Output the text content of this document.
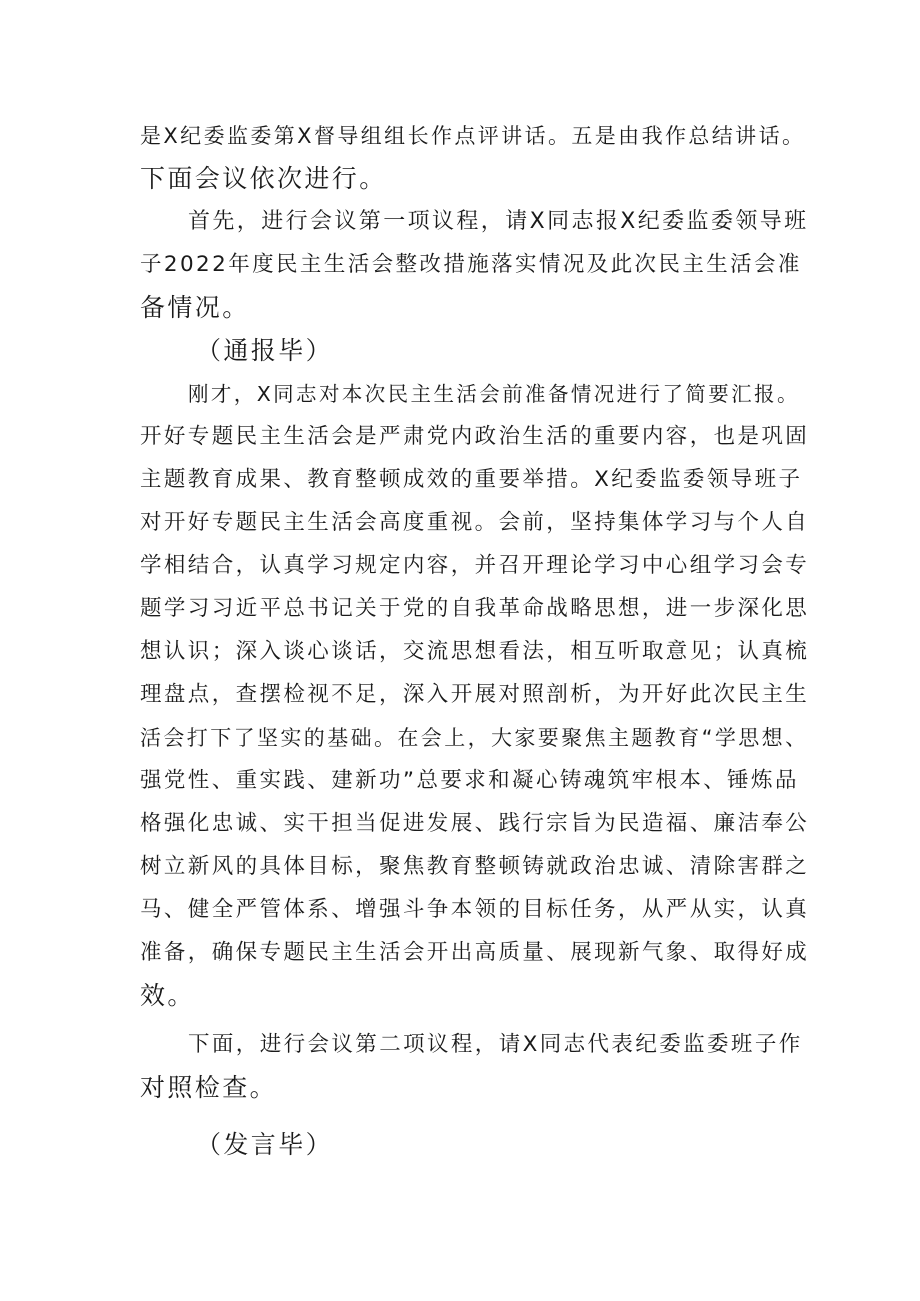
是X纪委监委第X督导组组长作点评讲话。五是由我作总结讲话。
下面会议依次进行。
首先，进行会议第一项议程，请X同志报X纪委监委领导班
子2022年度民主生活会整改措施落实情况及此次民主生活会准
备情况。
（通报毕）
刚才，X同志对本次民主生活会前准备情况进行了简要汇报。
开好专题民主生活会是严肃党内政治生活的重要内容，也是巩固
主题教育成果、教育整顿成效的重要举措。X纪委监委领导班子
对开好专题民主生活会高度重视。会前，坚持集体学习与个人自
学相结合，认真学习规定内容，并召开理论学习中心组学习会专
题学习习近平总书记关于党的自我革命战略思想，进一步深化思
想认识；深入谈心谈话，交流思想看法，相互听取意见；认真梳
理盘点，查摆检视不足，深入开展对照剖析，为开好此次民主生
活会打下了坚实的基础。在会上，大家要聚焦主题教育“学思想、
强党性、重实践、建新功”总要求和凝心铸魂筑牢根本、锤炼品
格强化忠诚、实干担当促进发展、践行宗旨为民造福、廉洁奉公
树立新风的具体目标，聚焦教育整顿铸就政治忠诚、清除害群之
马、健全严管体系、增强斗争本领的目标任务，从严从实，认真
准备，确保专题民主生活会开出高质量、展现新气象、取得好成
效。
下面，进行会议第二项议程，请X同志代表纪委监委班子作
对照检查。
（发言毕）
